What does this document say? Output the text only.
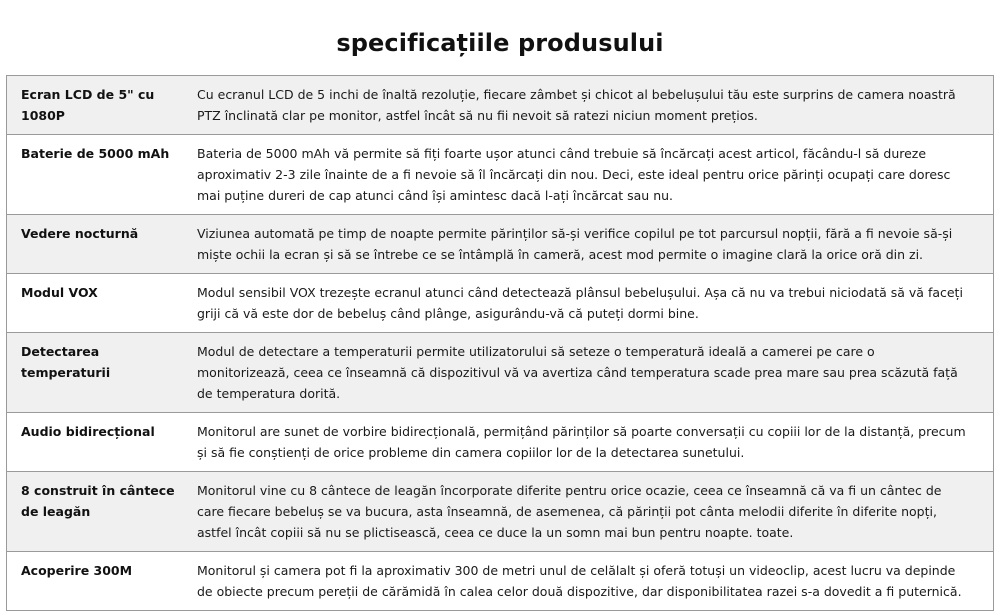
specificațiile produsului
Ecran LCD de 5" cu 1080P	Cu ecranul LCD de 5 inchi de înaltă rezoluție, fiecare zâmbet și chicot al bebelușului tău este surprins de camera noastră PTZ înclinată clar pe monitor, astfel încât să nu fii nevoit să ratezi niciun moment prețios.
Baterie de 5000 mAh	Bateria de 5000 mAh vă permite să fiți foarte ușor atunci când trebuie să încărcați acest articol, făcându-l să dureze aproximativ 2-3 zile înainte de a fi nevoie să îl încărcați din nou. Deci, este ideal pentru orice părinți ocupați care doresc mai puține dureri de cap atunci când își amintesc dacă l-ați încărcat sau nu.
Vedere nocturnă	Viziunea automată pe timp de noapte permite părinților să-și verifice copilul pe tot parcursul nopții, fără a fi nevoie să-și miște ochii la ecran și să se întrebe ce se întâmplă în cameră, acest mod permite o imagine clară la orice oră din zi.
Modul VOX	Modul sensibil VOX trezește ecranul atunci când detectează plânsul bebelușului. Așa că nu va trebui niciodată să vă faceți griji că vă este dor de bebeluș când plânge, asigurându-vă că puteți dormi bine.
Detectarea temperaturii	Modul de detectare a temperaturii permite utilizatorului să seteze o temperatură ideală a camerei pe care o monitorizează, ceea ce înseamnă că dispozitivul vă va avertiza când temperatura scade prea mare sau prea scăzută față de temperatura dorită.
Audio bidirecțional	Monitorul are sunet de vorbire bidirecțională, permițând părinților să poarte conversații cu copiii lor de la distanță, precum și să fie conștienți de orice probleme din camera copiilor lor de la detectarea sunetului.
8 construit în cântece de leagăn	Monitorul vine cu 8 cântece de leagăn încorporate diferite pentru orice ocazie, ceea ce înseamnă că va fi un cântec de care fiecare bebeluș se va bucura, asta înseamnă, de asemenea, că părinții pot cânta melodii diferite în diferite nopți, astfel încât copiii să nu se plictisească, ceea ce duce la un somn mai bun pentru noapte. toate.
Acoperire 300M	Monitorul și camera pot fi la aproximativ 300 de metri unul de celălalt și oferă totuși un videoclip, acest lucru va depinde de obiecte precum pereții de cărămidă în calea celor două dispozitive, dar disponibilitatea razei s-a dovedit a fi puternică.
